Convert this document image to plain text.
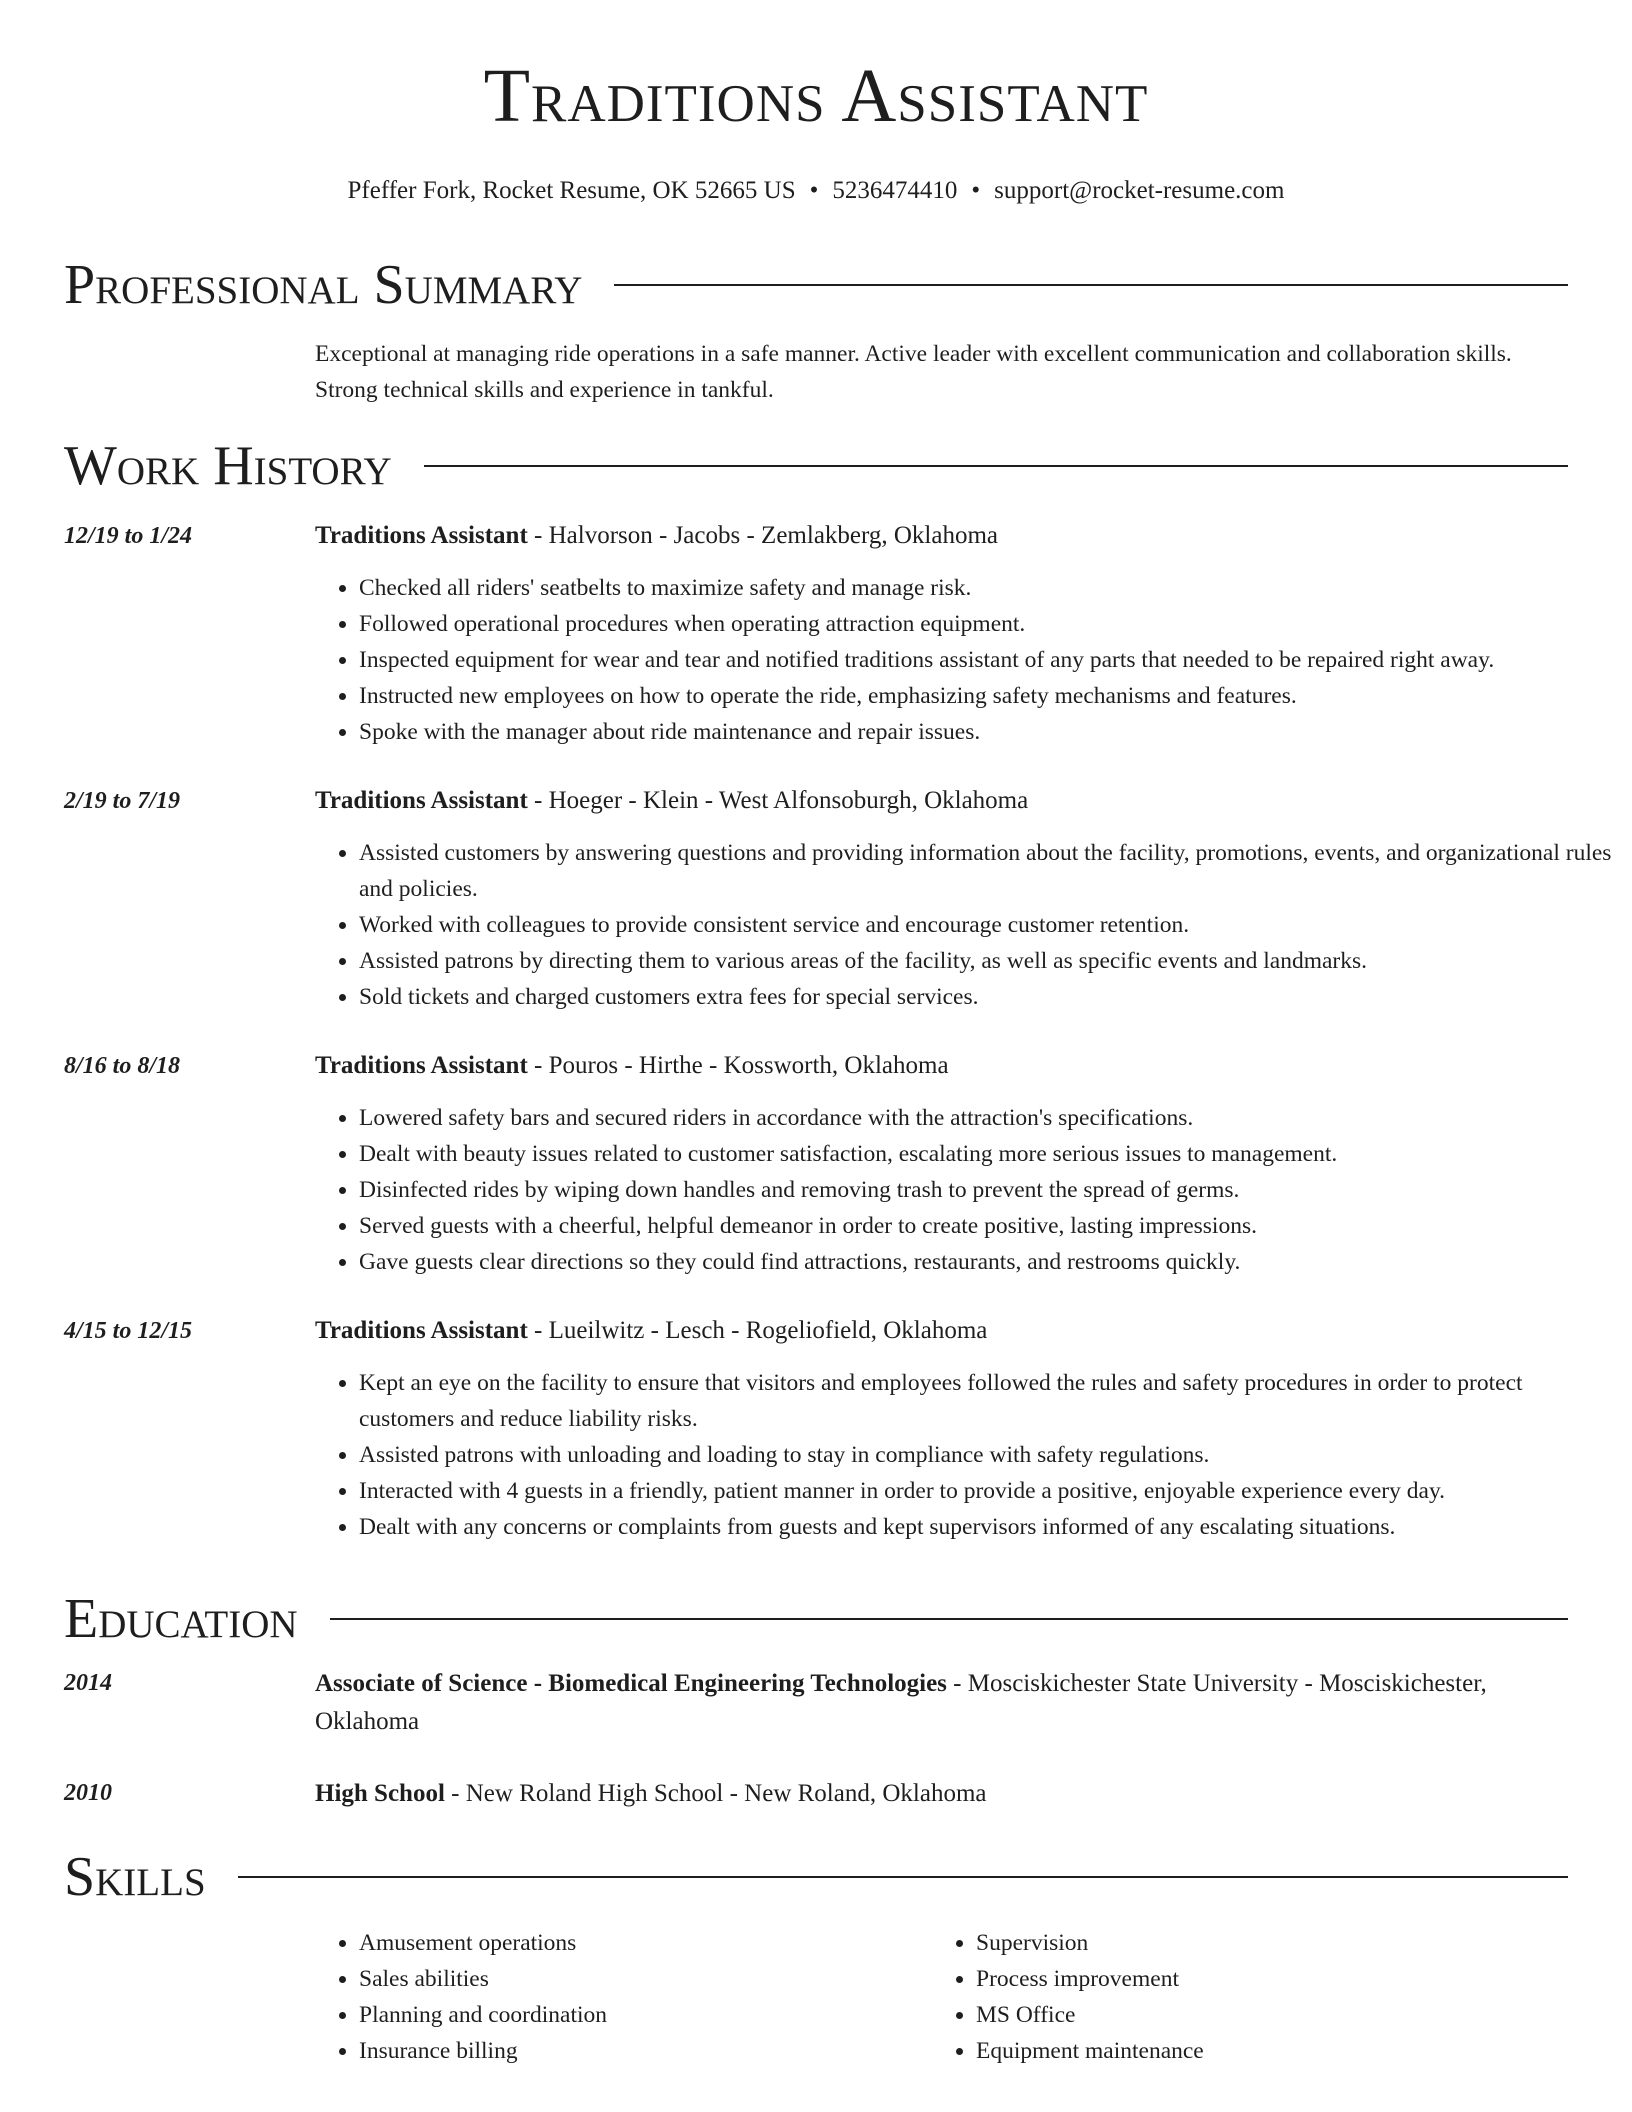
Traditions Assistant
Pfeffer Fork, Rocket Resume, OK 52665 US • 5236474410 • support@rocket-resume.com
Professional Summary

Exceptional at managing ride operations in a safe manner. Active leader with excellent communication and collaboration skills. Strong technical skills and experience in tankful.

Work History
12/19 to 1/24	Traditions Assistant - Halvorson - Jacobs - Zemlakberg, Oklahoma
• Checked all riders' seatbelts to maximize safety and manage risk.
• Followed operational procedures when operating attraction equipment.
• Inspected equipment for wear and tear and notified traditions assistant of any parts that needed to be repaired right away.
• Instructed new employees on how to operate the ride, emphasizing safety mechanisms and features.
• Spoke with the manager about ride maintenance and repair issues.
2/19 to 7/19	Traditions Assistant - Hoeger - Klein - West Alfonsoburgh, Oklahoma
• Assisted customers by answering questions and providing information about the facility, promotions, events, and organizational rules and policies.
• Worked with colleagues to provide consistent service and encourage customer retention.
• Assisted patrons by directing them to various areas of the facility, as well as specific events and landmarks.
• Sold tickets and charged customers extra fees for special services.
8/16 to 8/18	Traditions Assistant - Pouros - Hirthe - Kossworth, Oklahoma
• Lowered safety bars and secured riders in accordance with the attraction's specifications.
• Dealt with beauty issues related to customer satisfaction, escalating more serious issues to management.
• Disinfected rides by wiping down handles and removing trash to prevent the spread of germs.
• Served guests with a cheerful, helpful demeanor in order to create positive, lasting impressions.
• Gave guests clear directions so they could find attractions, restaurants, and restrooms quickly.
4/15 to 12/15	Traditions Assistant - Lueilwitz - Lesch - Rogeliofield, Oklahoma
• Kept an eye on the facility to ensure that visitors and employees followed the rules and safety procedures in order to protect customers and reduce liability risks.
• Assisted patrons with unloading and loading to stay in compliance with safety regulations.
• Interacted with 4 guests in a friendly, patient manner in order to provide a positive, enjoyable experience every day.
• Dealt with any concerns or complaints from guests and kept supervisors informed of any escalating situations.
Education
2014	Associate of Science - Biomedical Engineering Technologies - Mosciskichester State University - Mosciskichester, Oklahoma
2010	High School - New Roland High School - New Roland, Oklahoma
Skills
• Amusement operations
• Sales abilities
• Planning and coordination
• Insurance billing
• Supervision
• Process improvement
• MS Office
• Equipment maintenance
